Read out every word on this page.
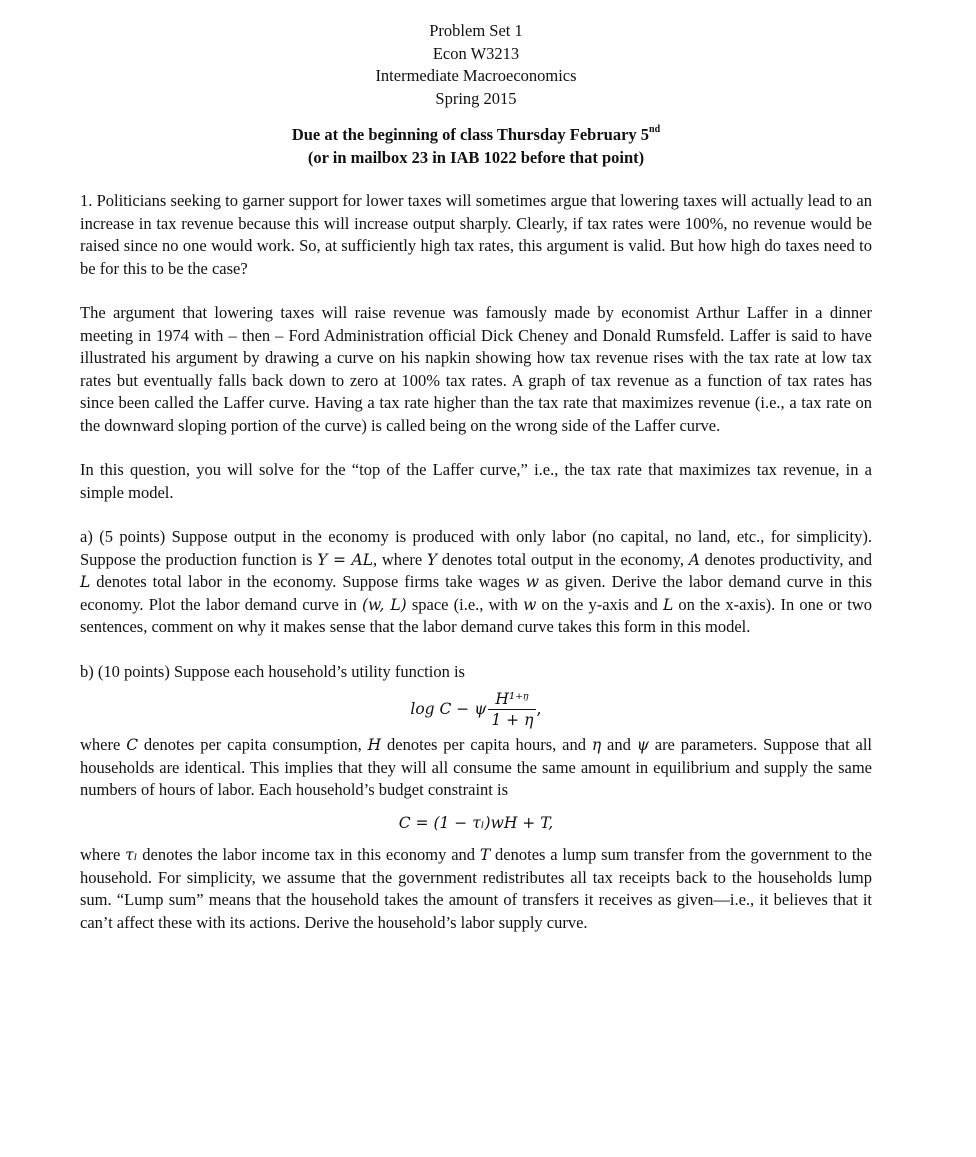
Problem Set 1
Econ W3213
Intermediate Macroeconomics
Spring 2015
Due at the beginning of class Thursday February 5nd
(or in mailbox 23 in IAB 1022 before that point)

1. Politicians seeking to garner support for lower taxes will sometimes argue that lowering taxes will actually lead to an increase in tax revenue because this will increase output sharply. Clearly, if tax rates were 100%, no revenue would be raised since no one would work. So, at sufficiently high tax rates, this argument is valid. But how high do taxes need to be for this to be the case?

The argument that lowering taxes will raise revenue was famously made by economist Arthur Laffer in a dinner meeting in 1974 with – then – Ford Administration official Dick Cheney and Donald Rumsfeld. Laffer is said to have illustrated his argument by drawing a curve on his napkin showing how tax revenue rises with the tax rate at low tax rates but eventually falls back down to zero at 100% tax rates. A graph of tax revenue as a function of tax rates has since been called the Laffer curve. Having a tax rate higher than the tax rate that maximizes revenue (i.e., a tax rate on the downward sloping portion of the curve) is called being on the wrong side of the Laffer curve.

In this question, you will solve for the “top of the Laffer curve,” i.e., the tax rate that maximizes tax revenue, in a simple model.

a) (5 points) Suppose output in the economy is produced with only labor (no capital, no land, etc., for simplicity). Suppose the production function is Y = AL, where Y denotes total output in the economy, A denotes productivity, and L denotes total labor in the economy. Suppose firms take wages w as given. Derive the labor demand curve in this economy. Plot the labor demand curve in (w, L) space (i.e., with w on the y-axis and L on the x-axis). In one or two sentences, comment on why it makes sense that the labor demand curve takes this form in this model.

b) (10 points) Suppose each household’s utility function is

log C − ψ $\frac{\text{H¹⁺ᵑ}}{1 + \eta}$ ,

where C denotes per capita consumption, H denotes per capita hours, and η and ψ are parameters. Suppose that all households are identical. This implies that they will all consume the same amount in equilibrium and supply the same numbers of hours of labor. Each household’s budget constraint is

C = (1 − τₗ)wH + T,

where τₗ denotes the labor income tax in this economy and T denotes a lump sum transfer from the government to the household. For simplicity, we assume that the government redistributes all tax receipts back to the households lump sum. “Lump sum” means that the household takes the amount of transfers it receives as given—i.e., it believes that it can’t affect these with its actions. Derive the household’s labor supply curve.
